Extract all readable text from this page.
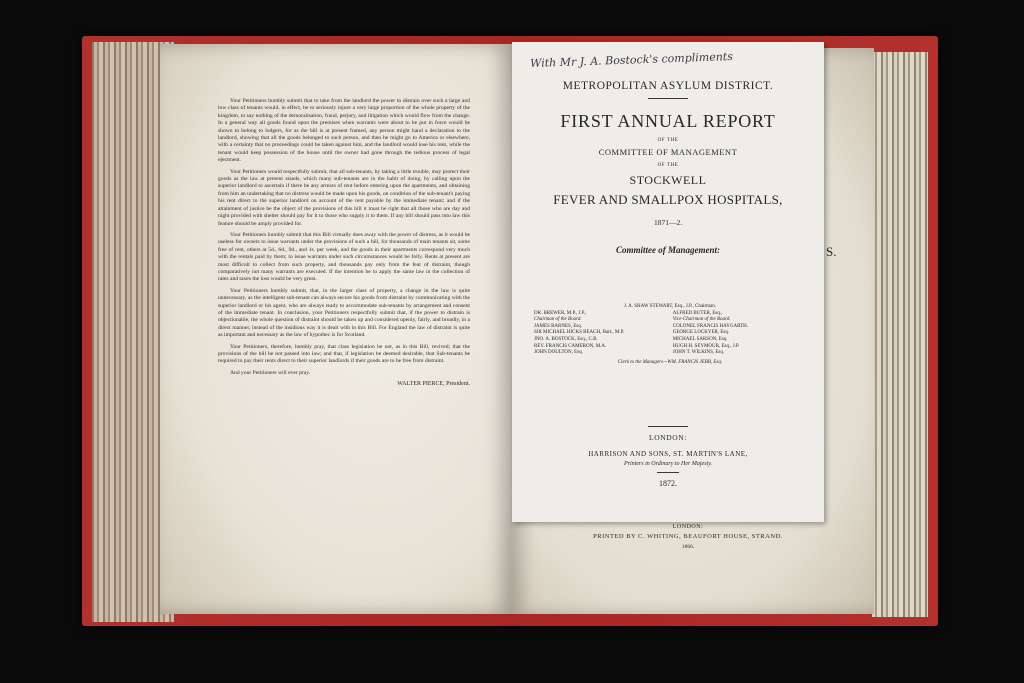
Your Petitioners humbly submit that to take from the landlord the power to distrain over such a large and low class of tenants would, in effect, be to seriously injure a very large proportion of the whole property of the kingdom, to say nothing of the demoralisation, fraud, perjury, and litigation which would flow from the change. In a general way all goods found upon the premises when warrants were about to be put in force would be shown to belong to lodgers, for as the bill is at present framed, any person might hand a declaration to the landlord, showing that all the goods belonged to such person, and then he might go to America or elsewhere, with a certainty that no proceedings could be taken against him, and the landlord would lose his rent, while the tenant would keep possession of the house until the owner had gone through the tedious process of legal ejectment.

Your Petitioners would respectfully submit, that all sub-tenants, by taking a little trouble, may protect their goods as the law at present stands, which many sub-tenants are in the habit of doing, by calling upon the superior landlord to ascertain if there be any arrears of rent before entering upon the apartments, and obtaining from him an undertaking that no distress would be made upon his goods, on condition of the sub-tenant's paying his rent direct to the superior landlord on account of the rent payable by the immediate tenant; and if the attainment of justice be the object of the provisions of this bill it must be right that all those who are day and night provided with shelter should pay for it to those who supply it to them. If any bill should pass into law this feature should be amply provided for.

Your Petitioners humbly submit that this Bill virtually does away with the power of distress, as it would be useless for owners to issue warrants under the provisions of such a bill, for thousands of main tenants sit, some free of rent, others at 5d., 6d., 9d., and 1s. per week, and the goods in their apartments correspond very much with the rentals paid by them; to issue warrants under such circumstances would be folly. Rents at present are most difficult to collect from such property, and thousands pay only from the fear of distraint, though comparatively not many warrants are executed. If the intention be to apply the same law in the collection of rates and taxes the loss would be very great.

Your Petitioners humbly submit, that, in the larger class of property, a change in the law is quite unnecessary, as the intelligent sub-tenant can always secure his goods from distraint by communicating with the superior landlord or his agent, who are always ready to accommodate sub-tenants by arrangement and consent of the immediate tenant. In conclusion, your Petitioners respectfully submit that, if the power to distrain is objectionable, the whole question of distraint should be taken up and considered openly, fairly, and broadly, in a direct manner, instead of the insidious way it is dealt with in this Bill. For England the law of distraint is quite as important and necessary as the law of hypothec is for Scotland.

Your Petitioners, therefore, humbly pray, that class legislation be not, as in this Bill, revived; that the provisions of the bill be not passed into law; and that, if legislation be deemed desirable, that Sub-tenants be required to pay their rents direct to their superior landlords if their goods are to be free from distraint.

And your Petitioners will ever pray.

WALTER PIERCE, President.

S.
LONDON:
PRINTED BY C. WHITING, BEAUFORT HOUSE, STRAND.
1866.
With Mr J. A. Bostock's compliments
METROPOLITAN ASYLUM DISTRICT.
FIRST ANNUAL REPORT
OF THE
COMMITTEE OF MANAGEMENT
OF THE
STOCKWELL
FEVER AND SMALLPOX HOSPITALS,
1871—2.
Committee of Management:
J. A. SHAW STEWART, Esq., J.P., Chairman.
DR. BREWER, M.P., J.P.,
Chairman of the Board.
JAMES BARNES, Esq.
SIR MICHAEL HICKS BEACH, Bart., M.P.
JNO. A. BOSTOCK, Esq., C.B.
REV. FRANCIS CAMERON, M.A.
JOHN DOULTON, Esq.
ALFRED BUTER, Esq.,
Vice-Chairman of the Board.
COLONEL FRANCIS HAYGARTH.
GEORGE LOCKYER, Esq.
MICHAEL SARSON, Esq.
HUGH H. SEYMOUR, Esq., J.P.
JOHN T. WILKINS, Esq.
Clerk to the Managers—WM. FRANCIS JEBB, Esq.
LONDON:
HARRISON AND SONS, ST. MARTIN'S LANE,
Printers in Ordinary to Her Majesty.
1872.
